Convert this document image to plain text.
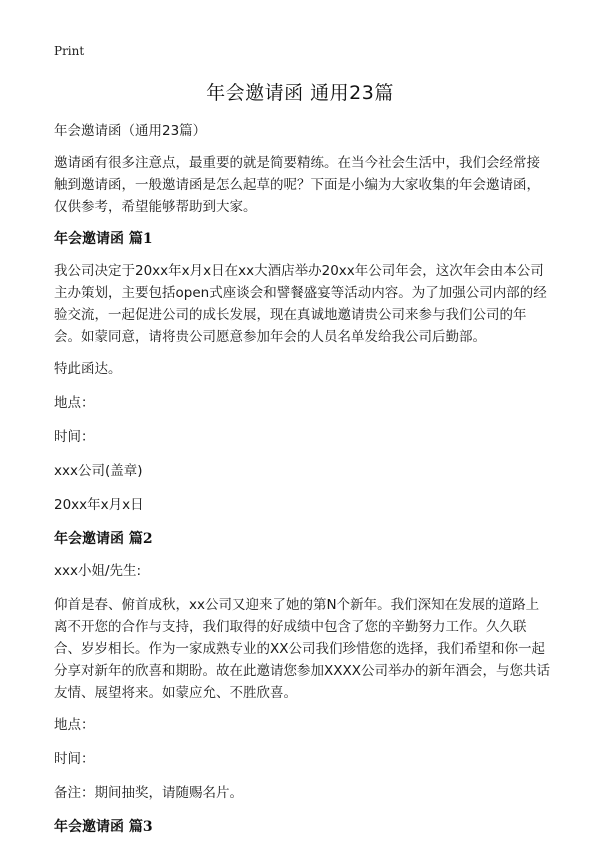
Print
年会邀请函 通用23篇

年会邀请函（通用23篇）

邀请函有很多注意点，最重要的就是简要精练。在当今社会生活中，我们会经常接触到邀请函，一般邀请函是怎么起草的呢？下面是小编为大家收集的年会邀请函，仅供参考，希望能够帮助到大家。

年会邀请函 篇1

我公司决定于20xx年x月x日在xx大酒店举办20xx年公司年会，这次年会由本公司主办策划，主要包括open式座谈会和譬餐盛宴等活动内容。为了加强公司内部的经验交流，一起促进公司的成长发展，现在真诚地邀请贵公司来参与我们公司的年会。如蒙同意，请将贵公司愿意参加年会的人员名单发给我公司后勤部。

特此函达。

地点：

时间：

xxx公司(盖章)

20xx年x月x日

年会邀请函 篇2

xxx小姐/先生:

仰首是春、俯首成秋，xx公司又迎来了她的第N个新年。我们深知在发展的道路上离不开您的合作与支持，我们取得的好成绩中包含了您的辛勤努力工作。久久联合、岁岁相长。作为一家成熟专业的XX公司我们珍惜您的选择，我们希望和你一起分享对新年的欣喜和期盼。故在此邀请您参加XXXX公司举办的新年酒会，与您共话友情、展望将来。如蒙应允、不胜欣喜。

地点：

时间：

备注：期间抽奖，请随赐名片。

年会邀请函 篇3
